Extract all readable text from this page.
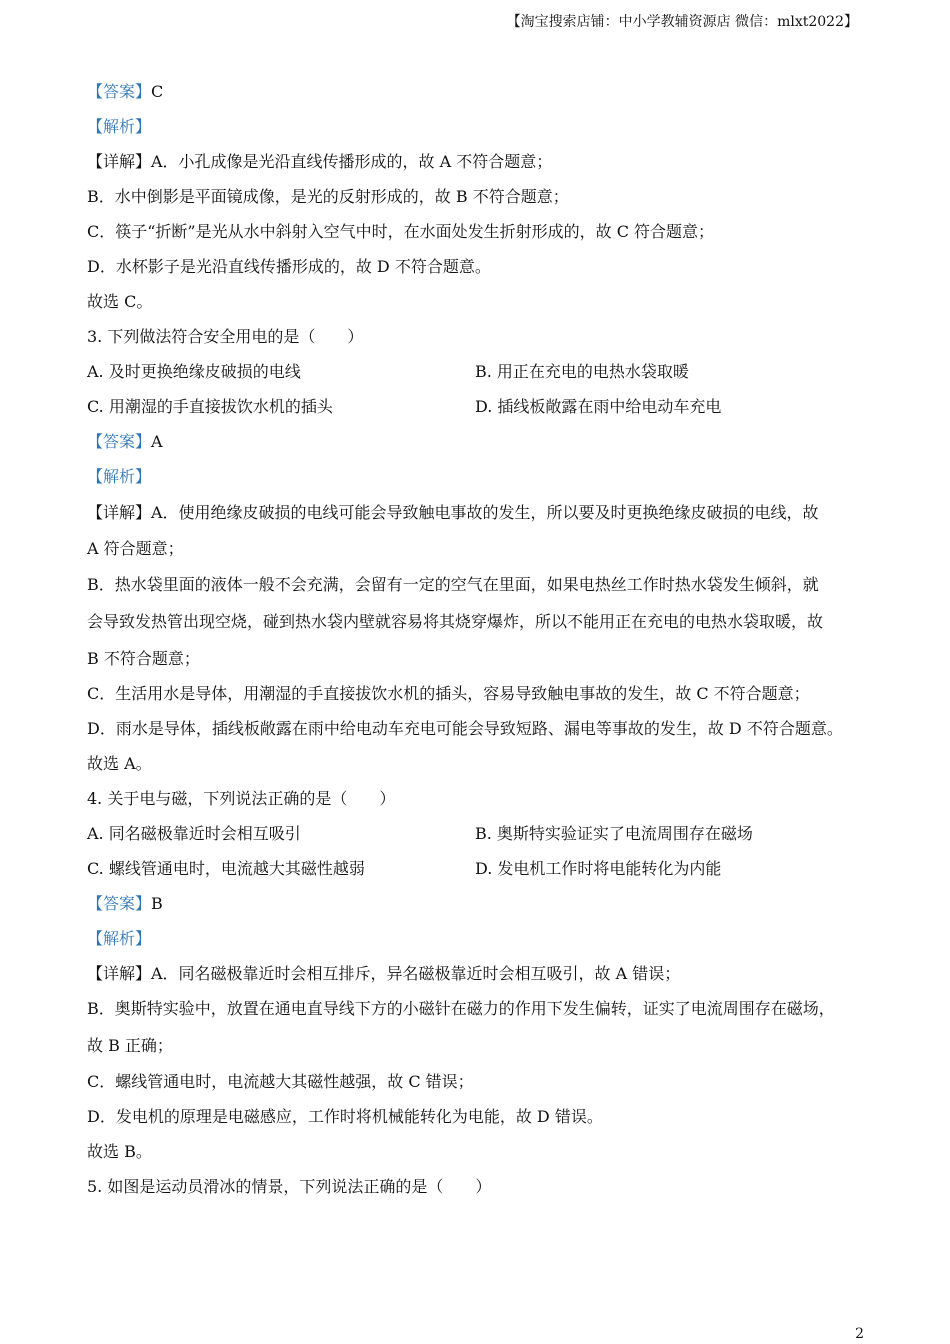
【淘宝搜索店铺：中小学教辅资源店 微信：mlxt2022】
【答案】C
【解析】
【详解】A．小孔成像是光沿直线传播形成的，故 A 不符合题意；
B．水中倒影是平面镜成像，是光的反射形成的，故 B 不符合题意；
C．筷子“折断”是光从水中斜射入空气中时，在水面处发生折射形成的，故 C 符合题意；
D．水杯影子是光沿直线传播形成的，故 D 不符合题意。
故选 C。
3. 下列做法符合安全用电的是（　　）
A. 及时更换绝缘皮破损的电线	B. 用正在充电的电热水袋取暖
C. 用潮湿的手直接拔饮水机的插头	D. 插线板敞露在雨中给电动车充电
【答案】A
【解析】
【详解】A．使用绝缘皮破损的电线可能会导致触电事故的发生，所以要及时更换绝缘皮破损的电线，故
A 符合题意；
B．热水袋里面的液体一般不会充满，会留有一定的空气在里面，如果电热丝工作时热水袋发生倾斜，就
会导致发热管出现空烧，碰到热水袋内壁就容易将其烧穿爆炸，所以不能用正在充电的电热水袋取暖，故
B 不符合题意；
C．生活用水是导体，用潮湿的手直接拔饮水机的插头，容易导致触电事故的发生，故 C 不符合题意；
D．雨水是导体，插线板敞露在雨中给电动车充电可能会导致短路、漏电等事故的发生，故 D 不符合题意。
故选 A。
4. 关于电与磁，下列说法正确的是（　　）
A. 同名磁极靠近时会相互吸引	B. 奥斯特实验证实了电流周围存在磁场
C. 螺线管通电时，电流越大其磁性越弱	D. 发电机工作时将电能转化为内能
【答案】B
【解析】
【详解】A．同名磁极靠近时会相互排斥，异名磁极靠近时会相互吸引，故 A 错误；
B．奥斯特实验中，放置在通电直导线下方的小磁针在磁力的作用下发生偏转，证实了电流周围存在磁场，
故 B 正确；
C．螺线管通电时，电流越大其磁性越强，故 C 错误；
D．发电机的原理是电磁感应，工作时将机械能转化为电能，故 D 错误。
故选 B。
5. 如图是运动员滑冰的情景，下列说法正确的是（　　）
2
